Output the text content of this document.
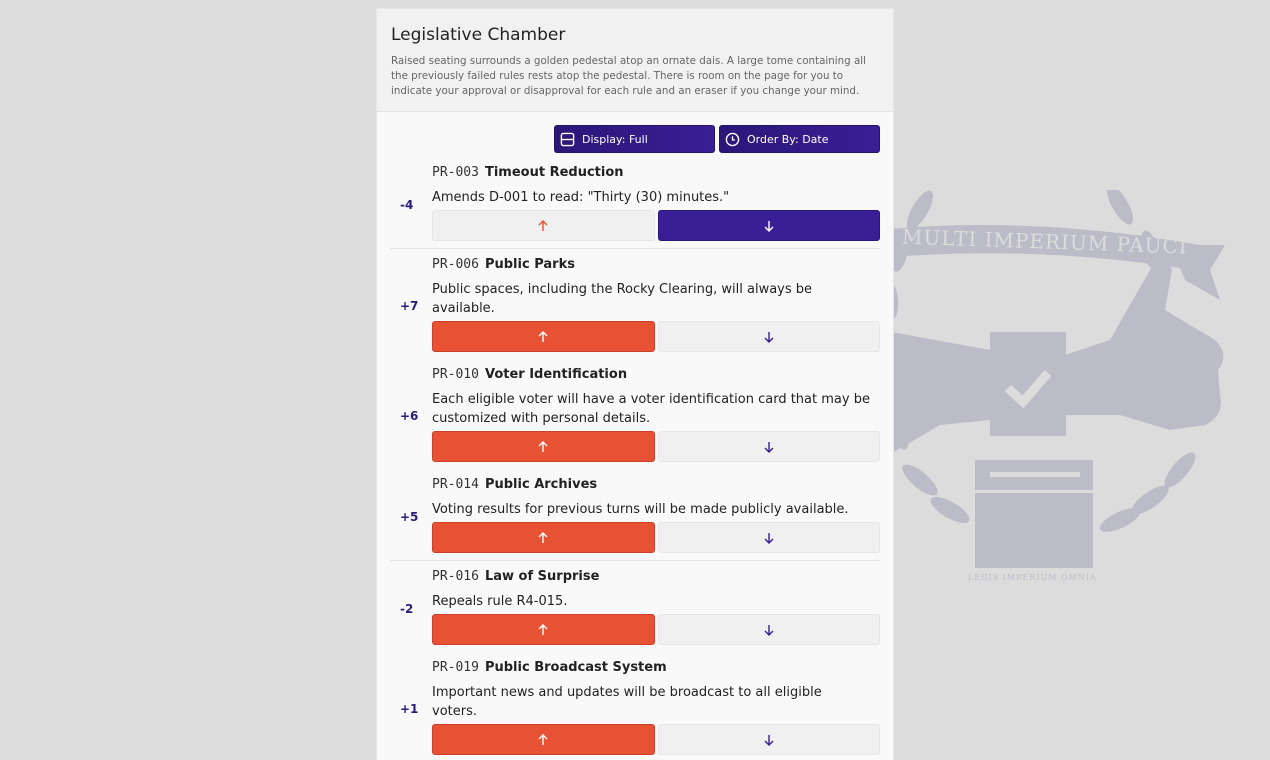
MULTI IMPERIUM PAUCI
LEGIS IMPERIUM OMNIA
Legislative Chamber

Raised seating surrounds a golden pedestal atop an ornate dais. A large tome containing all the previously failed rules rests atop the pedestal. There is room on the page for you to indicate your approval or disapproval for each rule and an eraser if you change your mind.

Display: Full	Order By: Date
-4
PR-003 Timeout Reduction
Amends D-001 to read: "Thirty (30) minutes."
+7
PR-006 Public Parks
Public spaces, including the Rocky Clearing, will always be available.
+6
PR-010 Voter Identification
Each eligible voter will have a voter identification card that may be customized with personal details.
+5
PR-014 Public Archives
Voting results for previous turns will be made publicly available.
-2
PR-016 Law of Surprise
Repeals rule R4-015.
+1
PR-019 Public Broadcast System
Important news and updates will be broadcast to all eligible voters.
